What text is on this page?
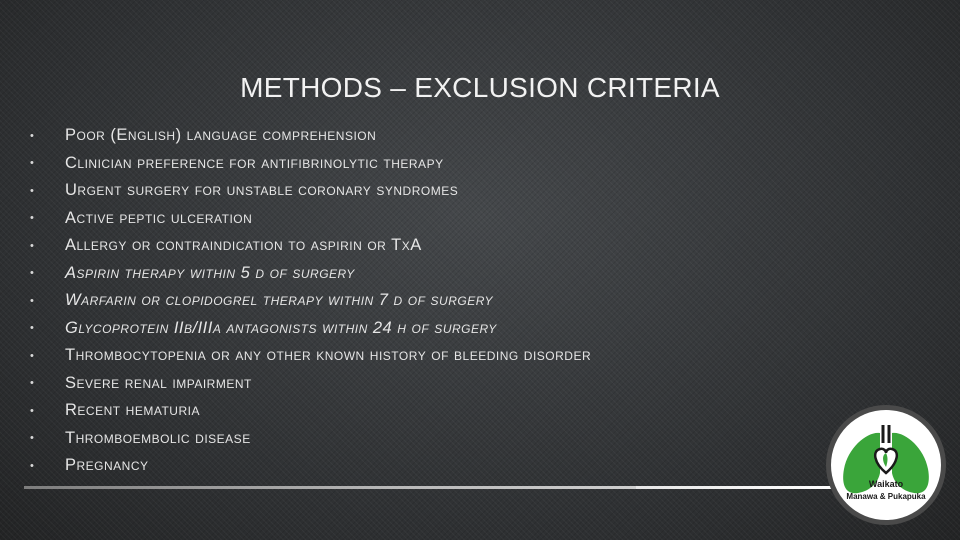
METHODS – EXCLUSION CRITERIA
•	Poor (English) language comprehension
•	Clinician preference for antifibrinolytic therapy
•	Urgent surgery for unstable coronary syndromes
•	Active peptic ulceration
•	Allergy or contraindication to aspirin or TxA
•	Aspirin therapy within 5 d of surgery
•	Warfarin or clopidogrel therapy within 7 d of surgery
•	Glycoprotein IIb/IIIa antagonists within 24 h of surgery
•	Thrombocytopenia or any other known history of bleeding disorder
•	Severe renal impairment
•	Recent hematuria
•	Thromboembolic disease
•	Pregnancy
Waikato
Manawa & Pukapuka
